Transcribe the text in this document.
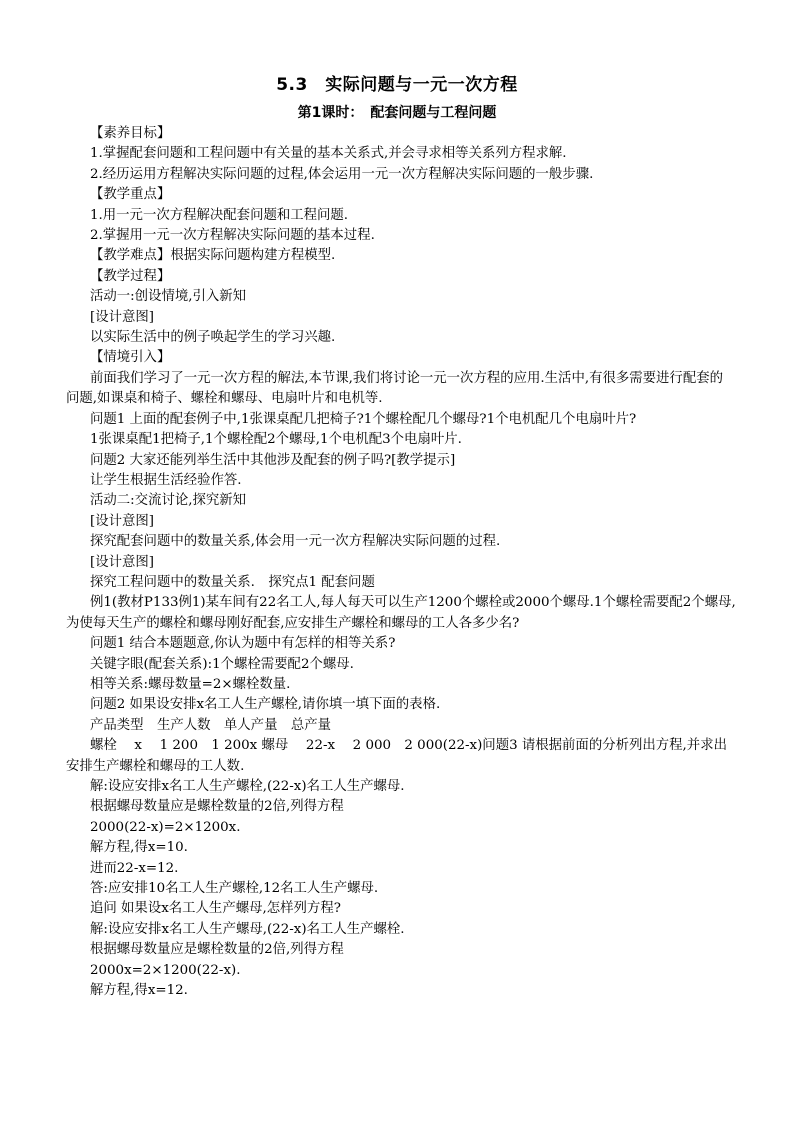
5.3　实际问题与一元一次方程
第1课时：　配套问题与工程问题

【素养目标】

1.掌握配套问题和工程问题中有关量的基本关系式,并会寻求相等关系列方程求解.

2.经历运用方程解决实际问题的过程,体会运用一元一次方程解决实际问题的一般步骤.

【教学重点】

1.用一元一次方程解决配套问题和工程问题.

2.掌握用一元一次方程解决实际问题的基本过程.

【教学难点】根据实际问题构建方程模型.

【教学过程】

活动一:创设情境,引入新知

[设计意图]

以实际生活中的例子唤起学生的学习兴趣.

【情境引入】

前面我们学习了一元一次方程的解法,本节课,我们将讨论一元一次方程的应用.生活中,有很多需要进行配套的问题,如课桌和椅子、螺栓和螺母、电扇叶片和电机等.

问题1 上面的配套例子中,1张课桌配几把椅子?1个螺栓配几个螺母?1个电机配几个电扇叶片?

1张课桌配1把椅子,1个螺栓配2个螺母,1个电机配3个电扇叶片.

问题2 大家还能列举生活中其他涉及配套的例子吗?[教学提示]

让学生根据生活经验作答.

活动二:交流讨论,探究新知

[设计意图]

探究配套问题中的数量关系,体会用一元一次方程解决实际问题的过程.

[设计意图]

探究工程问题中的数量关系.　探究点1 配套问题

例1(教材P133例1)某车间有22名工人,每人每天可以生产1200个螺栓或2000个螺母.1个螺栓需要配2个螺母,为使每天生产的螺栓和螺母刚好配套,应安排生产螺栓和螺母的工人各多少名?

问题1 结合本题题意,你认为题中有怎样的相等关系?

关键字眼(配套关系):1个螺栓需要配2个螺母.

相等关系:螺母数量=2×螺栓数量.

问题2 如果设安排x名工人生产螺栓,请你填一填下面的表格.

产品类型　生产人数　单人产量　总产量

螺栓　 x　 1 200　1 200x 螺母　 22-x　 2 000　2 000(22-x)问题3 请根据前面的分析列出方程,并求出安排生产螺栓和螺母的工人数.

解:设应安排x名工人生产螺栓,(22-x)名工人生产螺母.

根据螺母数量应是螺栓数量的2倍,列得方程

2000(22-x)=2×1200x.

解方程,得x=10.

进而22-x=12.

答:应安排10名工人生产螺栓,12名工人生产螺母.

追问 如果设x名工人生产螺母,怎样列方程?

解:设应安排x名工人生产螺母,(22-x)名工人生产螺栓.

根据螺母数量应是螺栓数量的2倍,列得方程

2000x=2×1200(22-x).

解方程,得x=12.
